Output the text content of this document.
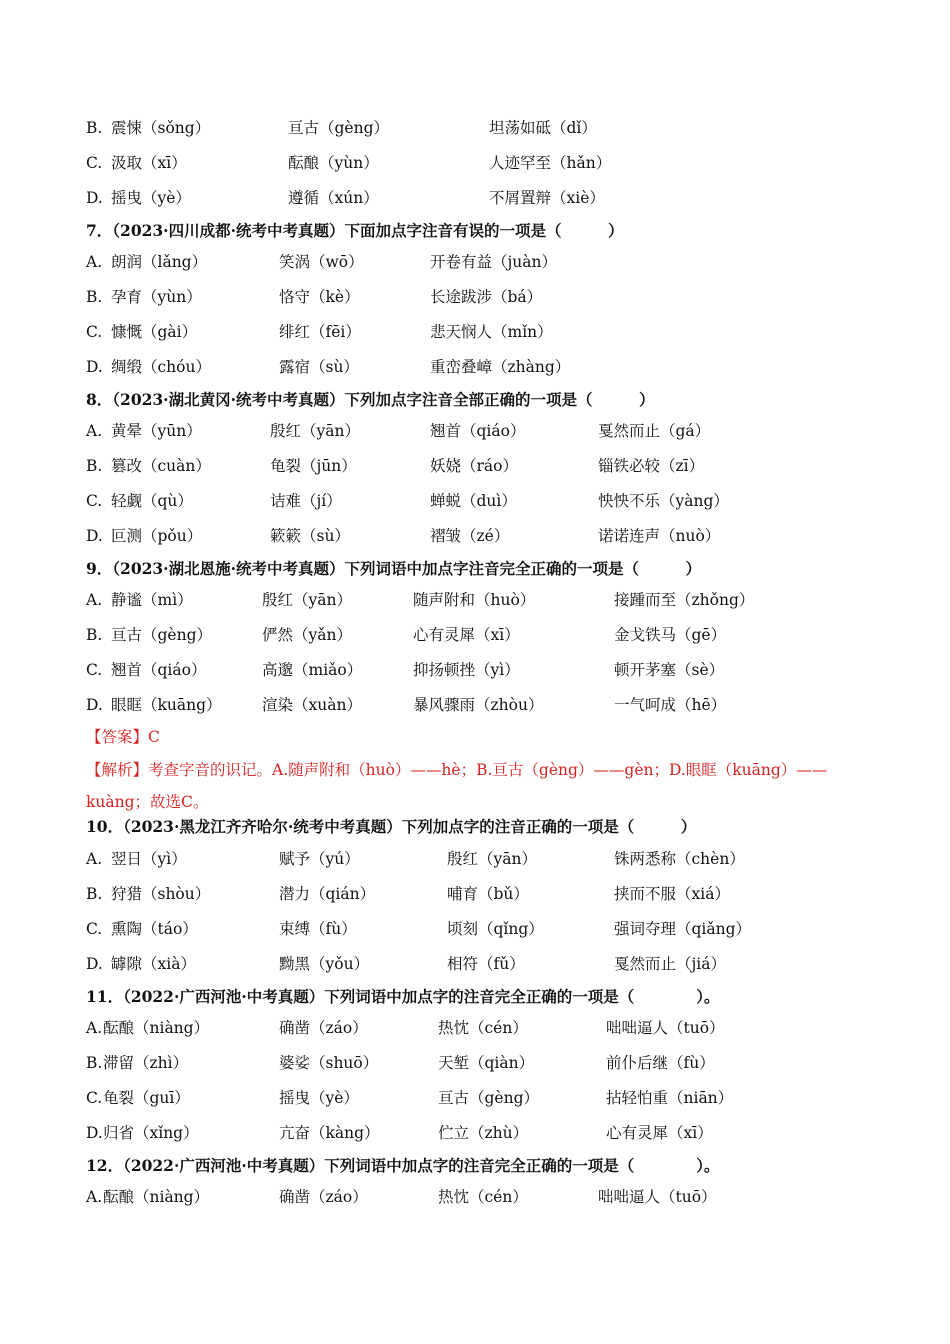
B. 震悚（sǒng）	亘古（gèng）	坦荡如砥（dǐ）
C. 汲取（xī）	酝酿（yùn）	人迹罕至（hǎn）
D. 摇曳（yè）	遵循（xún）	不屑置辩（xiè）
7．（2023·四川成都·统考中考真题）下面加点字注音有误的一项是（　　　）
A. 朗润（lǎng）	笑涡（wō）	开卷有益（juàn）
B. 孕育（yùn）	恪守（kè）	长途跋涉（bá）
C. 慷慨（gài）	绯红（fēi）	悲天悯人（mǐn）
D. 绸缎（chóu）	露宿（sù）	重峦叠嶂（zhàng）
8．（2023·湖北黄冈·统考中考真题）下列加点字注音全部正确的一项是（　　　）
A. 黄晕（yūn）	殷红（yān）	翘首（qiáo）	戛然而止（gá）
B. 篡改（cuàn）	龟裂（jūn）	妖娆（ráo）	锱铁必较（zī）
C. 轻觑（qù）	诘难（jí）	蝉蜕（duì）	怏怏不乐（yàng）
D. 叵测（pǒu）	簌簌（sù）	褶皱（zé）	诺诺连声（nuò）
9．（2023·湖北恩施·统考中考真题）下列词语中加点字注音完全正确的一项是（　　　）
A. 静谧（mì）	殷红（yān）	随声附和（huò）	接踵而至（zhǒng）
B. 亘古（gèng）	俨然（yǎn）	心有灵犀（xī）	金戈铁马（gē）
C. 翘首（qiáo）	高邈（miǎo）	抑扬顿挫（yì）	顿开茅塞（sè）
D. 眼眶（kuāng）	渲染（xuàn）	暴风骤雨（zhòu）	一气呵成（hē）
【答案】C
【解析】考查字音的识记。A.随声附和（huò）——hè；B.亘古（gèng）——gèn；D.眼眶（kuāng）——kuàng；故选C。
10．（2023·黑龙江齐齐哈尔·统考中考真题）下列加点字的注音正确的一项是（　　　）
A. 翌日（yì）	赋予（yú）	殷红（yān）	铢两悉称（chèn）
B. 狩猎（shòu）	潜力（qián）	哺育（bǔ）	挟而不服（xiá）
C. 熏陶（táo）	束缚（fù）	顷刻（qǐng）	强词夺理（qiǎng）
D. 罅隙（xià）	黝黑（yǒu）	相符（fǔ）	戛然而止（jiá）
11．（2022·广西河池·中考真题）下列词语中加点字的注音完全正确的一项是（　　　　）。
A. 酝酿（niàng）	确凿（záo）	热忱（cén）	咄咄逼人（tuō）
B. 滞留（zhì）	婆娑（shuō）	天堑（qiàn）	前仆后继（fù）
C. 龟裂（guī）	摇曳（yè）	亘古（gèng）	拈轻怕重（niān）
D. 归省（xǐng）	亢奋（kàng）	伫立（zhù）	心有灵犀（xī）
12．（2022·广西河池·中考真题）下列词语中加点字的注音完全正确的一项是（　　　　）。
A. 酝酿（niàng）	确凿（záo）	热忱（cén）	咄咄逼人（tuō）
